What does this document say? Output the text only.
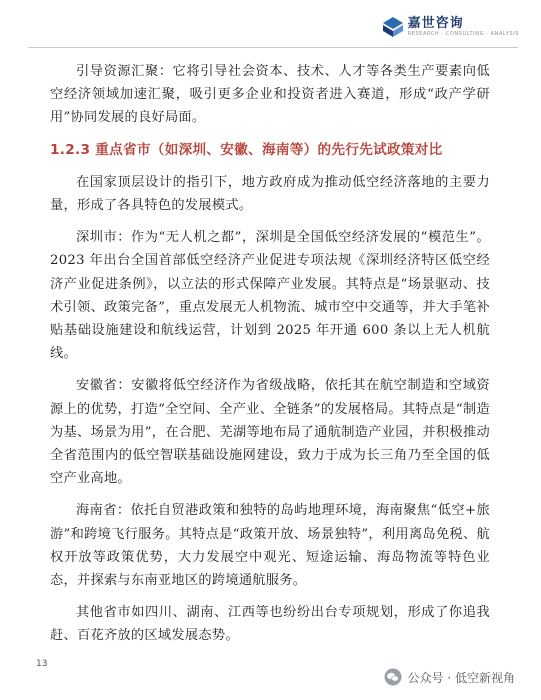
嘉世咨询
RESEARCH · CONSULTING · ANALYSIS

引导资源汇聚：它将引导社会资本、技术、人才等各类生产要素向低空经济领域加速汇聚，吸引更多企业和投资者进入赛道，形成“政产学研用”协同发展的良好局面。

1.2.3 重点省市（如深圳、安徽、海南等）的先行先试政策对比

在国家顶层设计的指引下，地方政府成为推动低空经济落地的主要力量，形成了各具特色的发展模式。

深圳市：作为“无人机之都”，深圳是全国低空经济发展的“模范生”。2023 年出台全国首部低空经济产业促进专项法规《深圳经济特区低空经济产业促进条例》，以立法的形式保障产业发展。其特点是“场景驱动、技术引领、政策完备”，重点发展无人机物流、城市空中交通等，并大手笔补贴基础设施建设和航线运营，计划到 2025 年开通 600 条以上无人机航线。

安徽省：安徽将低空经济作为省级战略，依托其在航空制造和空域资源上的优势，打造“全空间、全产业、全链条”的发展格局。其特点是“制造为基、场景为用”，在合肥、芜湖等地布局了通航制造产业园，并积极推动全省范围内的低空智联基础设施网建设，致力于成为长三角乃至全国的低空产业高地。

海南省：依托自贸港政策和独特的岛屿地理环境，海南聚焦“低空+旅游”和跨境飞行服务。其特点是“政策开放、场景独特”，利用离岛免税、航权开放等政策优势，大力发展空中观光、短途运输、海岛物流等特色业态，并探索与东南亚地区的跨境通航服务。

其他省市如四川、湖南、江西等也纷纷出台专项规划，形成了你追我赶、百花齐放的区域发展态势。

13
公众号 · 低空新视角
